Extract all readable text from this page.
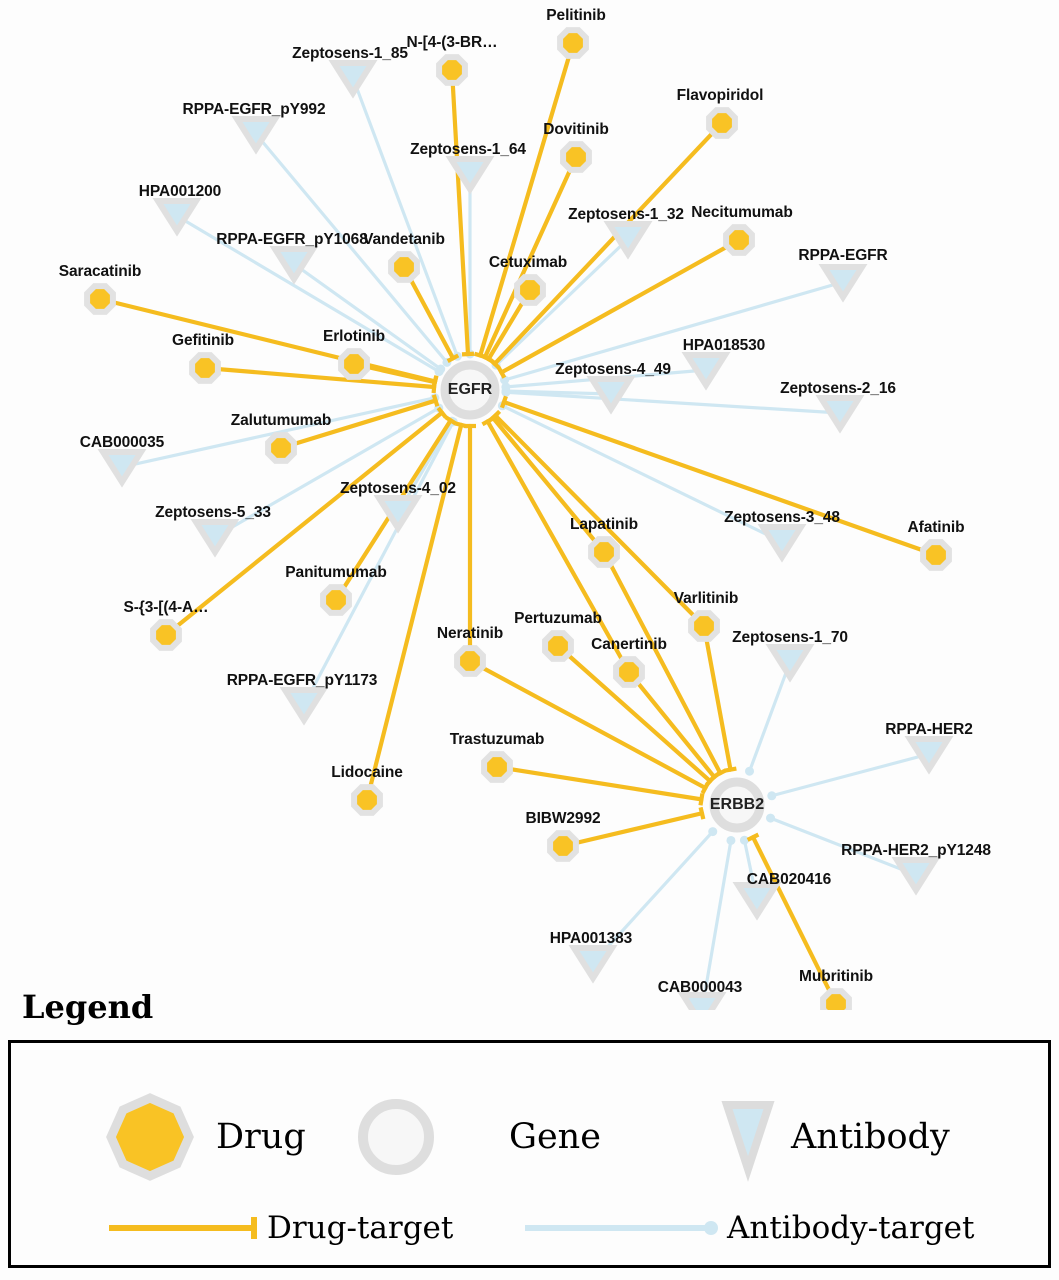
Zeptosens-1_85
RPPA-EGFR_pY992
Zeptosens-1_64
HPA001200
Zeptosens-1_32
RPPA-EGFR_pY1068
RPPA-EGFR
HPA018530
Zeptosens-4_49
Zeptosens-2_16
CAB000035
Zeptosens-4_02
Zeptosens-5_33	Zeptosens-3_48
Zeptosens-1_70
RPPA-EGFR_pY1173
RPPA-HER2
RPPA-HER2_pY1248
CAB020416
HPA001383
CAB000043
Pelitinib
N-[4-(3-BR…
Flavopiridol
Dovitinib
Necitumumab
Vandetanib
Cetuximab
Saracatinib
Erlotinib
Gefitinib
Zalutumumab
Afatinib
Lapatinib
Panitumumab
S-{3-[(4-A…
Varlitinib
Pertuzumab
Neratinib
Canertinib
Trastuzumab
Lidocaine
BIBW2992
Mubritinib
EGFR
ERBB2
Legend
Drug	Gene	Antibody
Drug-target	Antibody-target
